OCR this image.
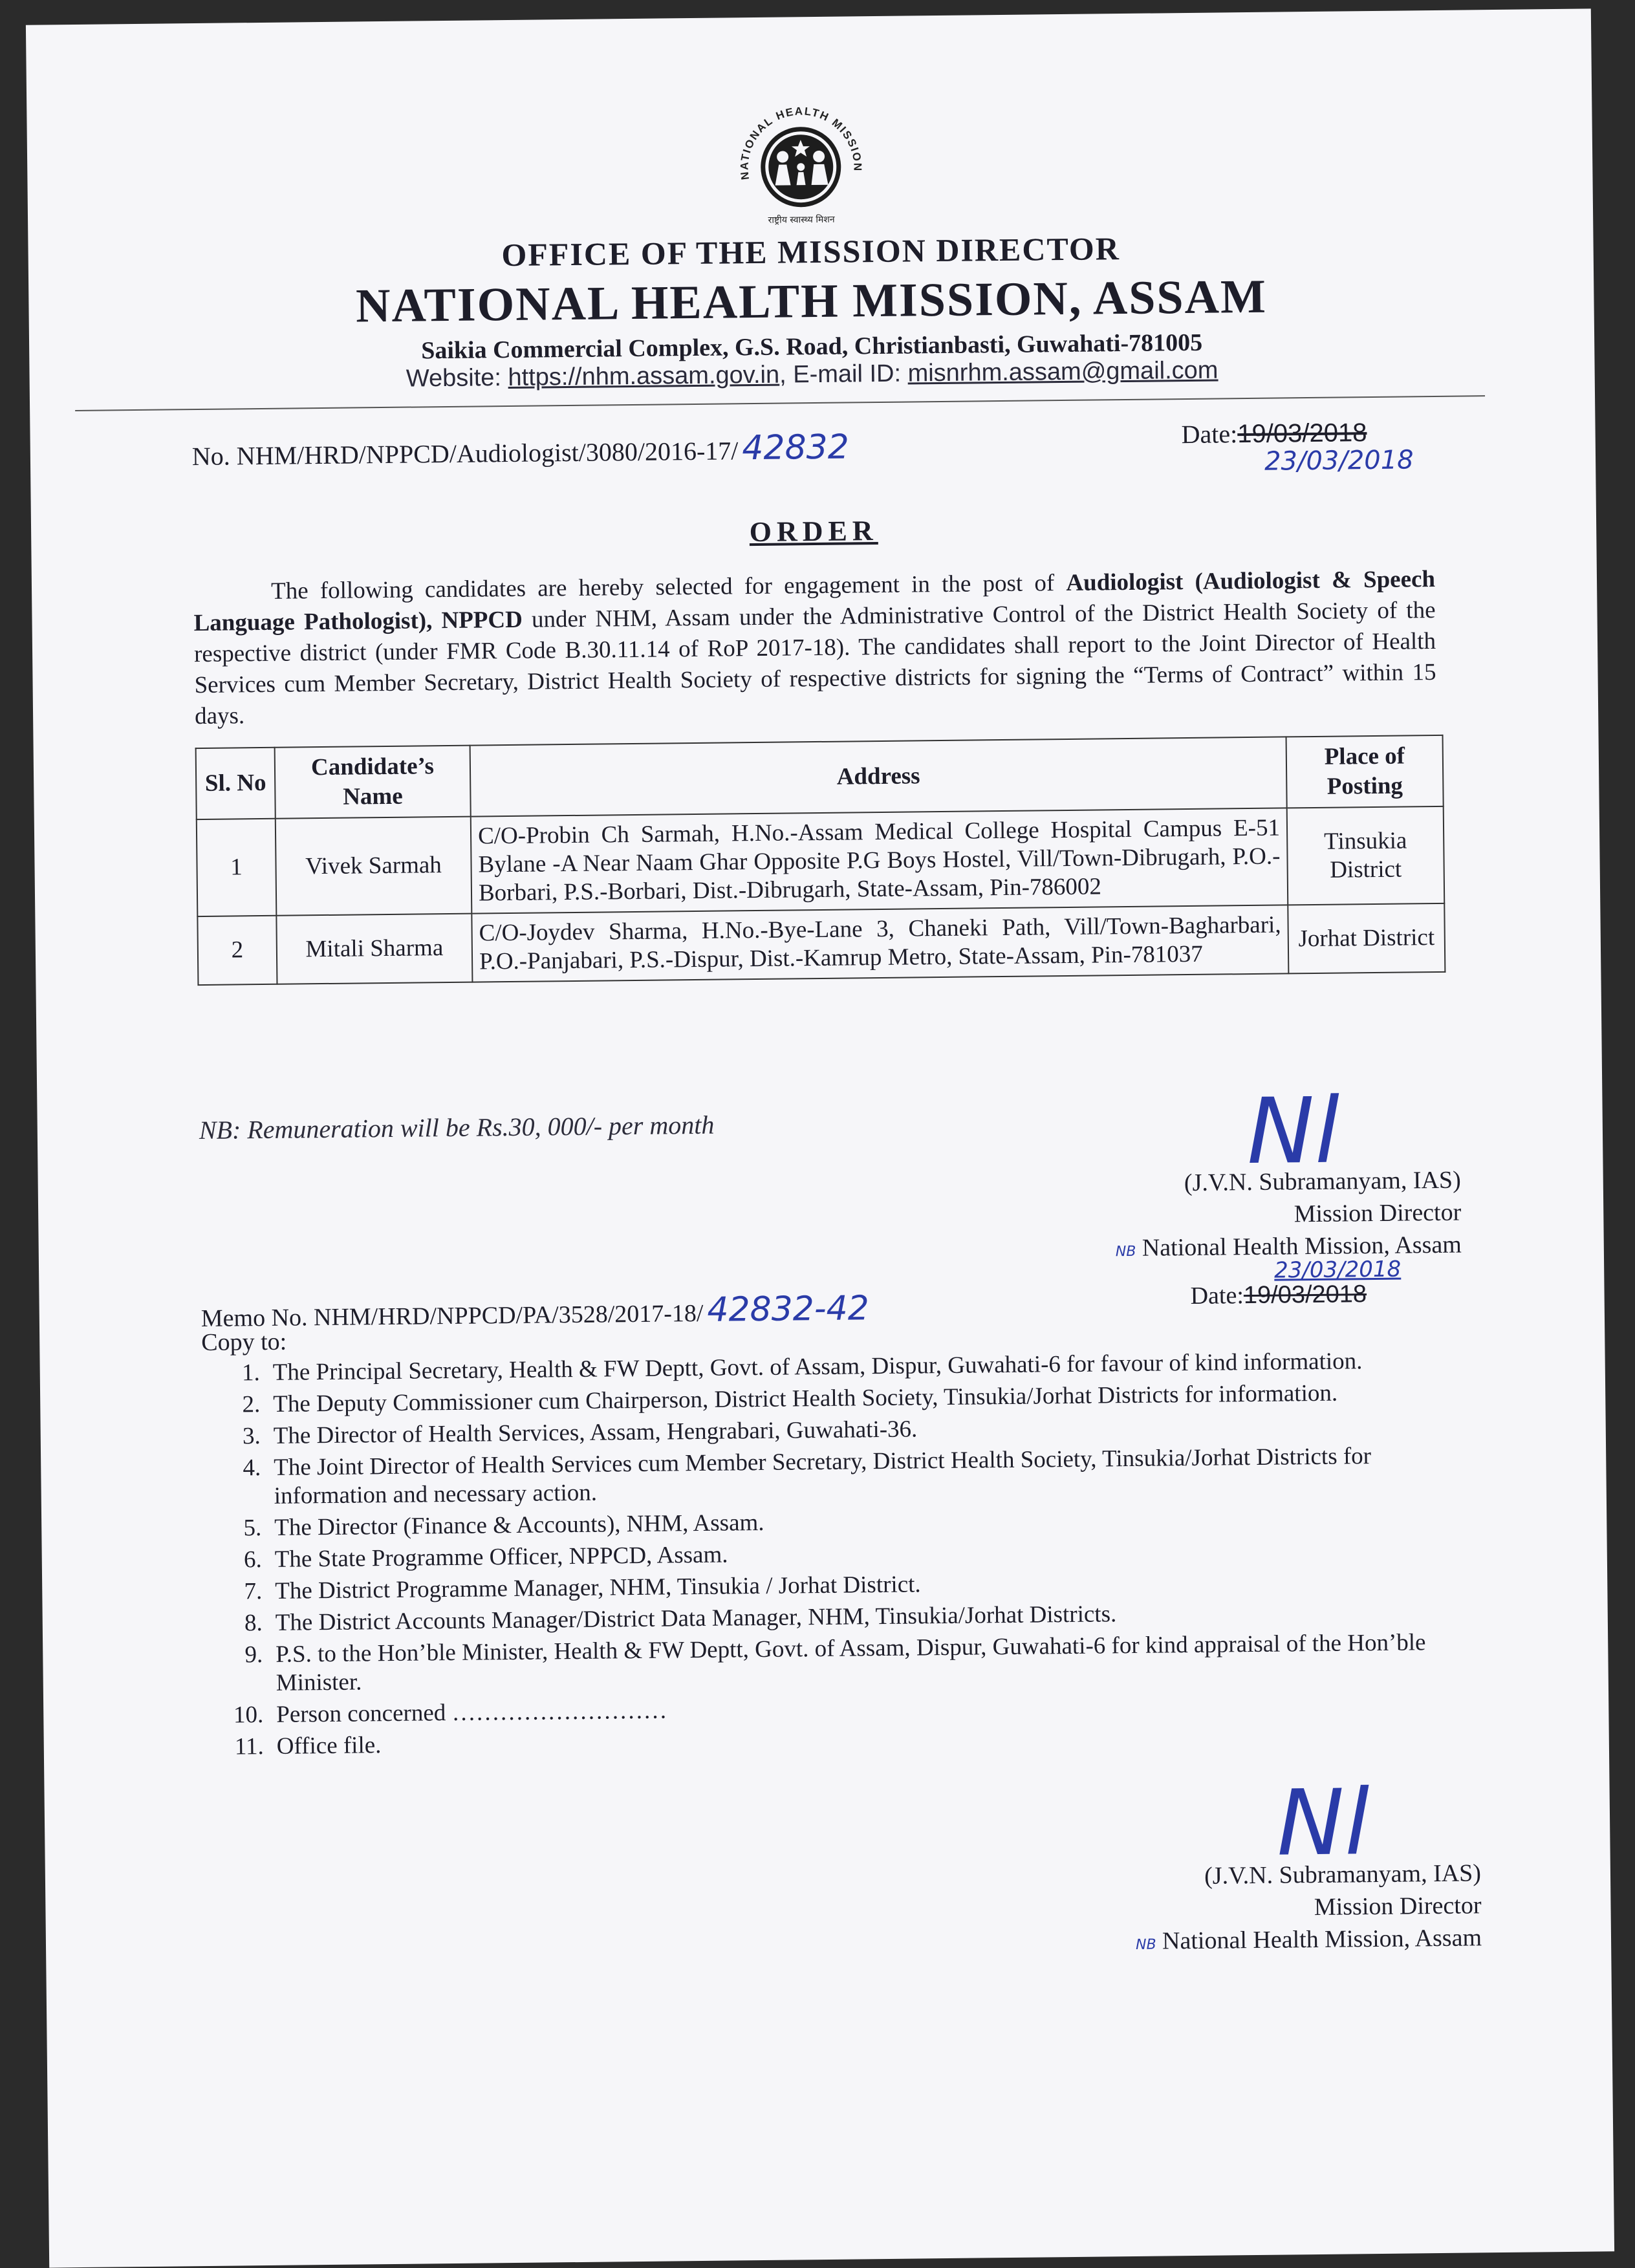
NATIONAL HEALTH MISSION
राष्ट्रीय स्वास्थ्य मिशन
OFFICE OF THE MISSION DIRECTOR
NATIONAL HEALTH MISSION, ASSAM
Saikia Commercial Complex, G.S. Road, Christianbasti, Guwahati-781005
Website: https://nhm.assam.gov.in, E-mail ID: misnrhm.assam@gmail.com
No. NHM/HRD/NPPCD/Audiologist/3080/2016-17/ 42832	Date:19/03/2018
23/03/2018
ORDER
The following candidates are hereby selected for engagement in the post of Audiologist (Audiologist & Speech Language Pathologist), NPPCD under NHM, Assam under the Administrative Control of the District Health Society of the respective district (under FMR Code B.30.11.14 of RoP 2017-18). The candidates shall report to the Joint Director of Health Services cum Member Secretary, District Health Society of respective districts for signing the “Terms of Contract” within 15 days.
Sl. No	Candidate’s Name	Address	Place of Posting
1	Vivek Sarmah	C/O-Probin Ch Sarmah, H.No.-Assam Medical College Hospital Campus E-51 Bylane -A Near Naam Ghar Opposite P.G Boys Hostel, Vill/Town-Dibrugarh, P.O.-Borbari, P.S.-Borbari, Dist.-Dibrugarh, State-Assam, Pin-786002	Tinsukia District
2	Mitali Sharma	C/O-Joydev Sharma, H.No.-Bye-Lane 3, Chaneki Path, Vill/Town-Bagharbari, P.O.-Panjabari, P.S.-Dispur, Dist.-Kamrup Metro, State-Assam, Pin-781037	Jorhat District
NB: Remuneration will be Rs.30, 000/- per month	Nl
(J.V.N. Subramanyam, IAS)
Mission Director
NB National Health Mission, Assam
Memo No. NHM/HRD/NPPCD/PA/3528/2017-18/ 42832-42
23/03/2018
Date:19/03/2018
Copy to:
1. The Principal Secretary, Health & FW Deptt, Govt. of Assam, Dispur, Guwahati-6 for favour of kind information.
2. The Deputy Commissioner cum Chairperson, District Health Society, Tinsukia/Jorhat Districts for information.
3. The Director of Health Services, Assam, Hengrabari, Guwahati-36.
4. The Joint Director of Health Services cum Member Secretary, District Health Society, Tinsukia/Jorhat Districts for information and necessary action.
5. The Director (Finance & Accounts), NHM, Assam.
6. The State Programme Officer, NPPCD, Assam.
7. The District Programme Manager, NHM, Tinsukia / Jorhat District.
8. The District Accounts Manager/District Data Manager, NHM, Tinsukia/Jorhat Districts.
9. P.S. to the Hon’ble Minister, Health & FW Deptt, Govt. of Assam, Dispur, Guwahati-6 for kind appraisal of the Hon’ble Minister.
10. Person concerned ………………………
11. Office file.
Nl
(J.V.N. Subramanyam, IAS)
Mission Director
NB National Health Mission, Assam
